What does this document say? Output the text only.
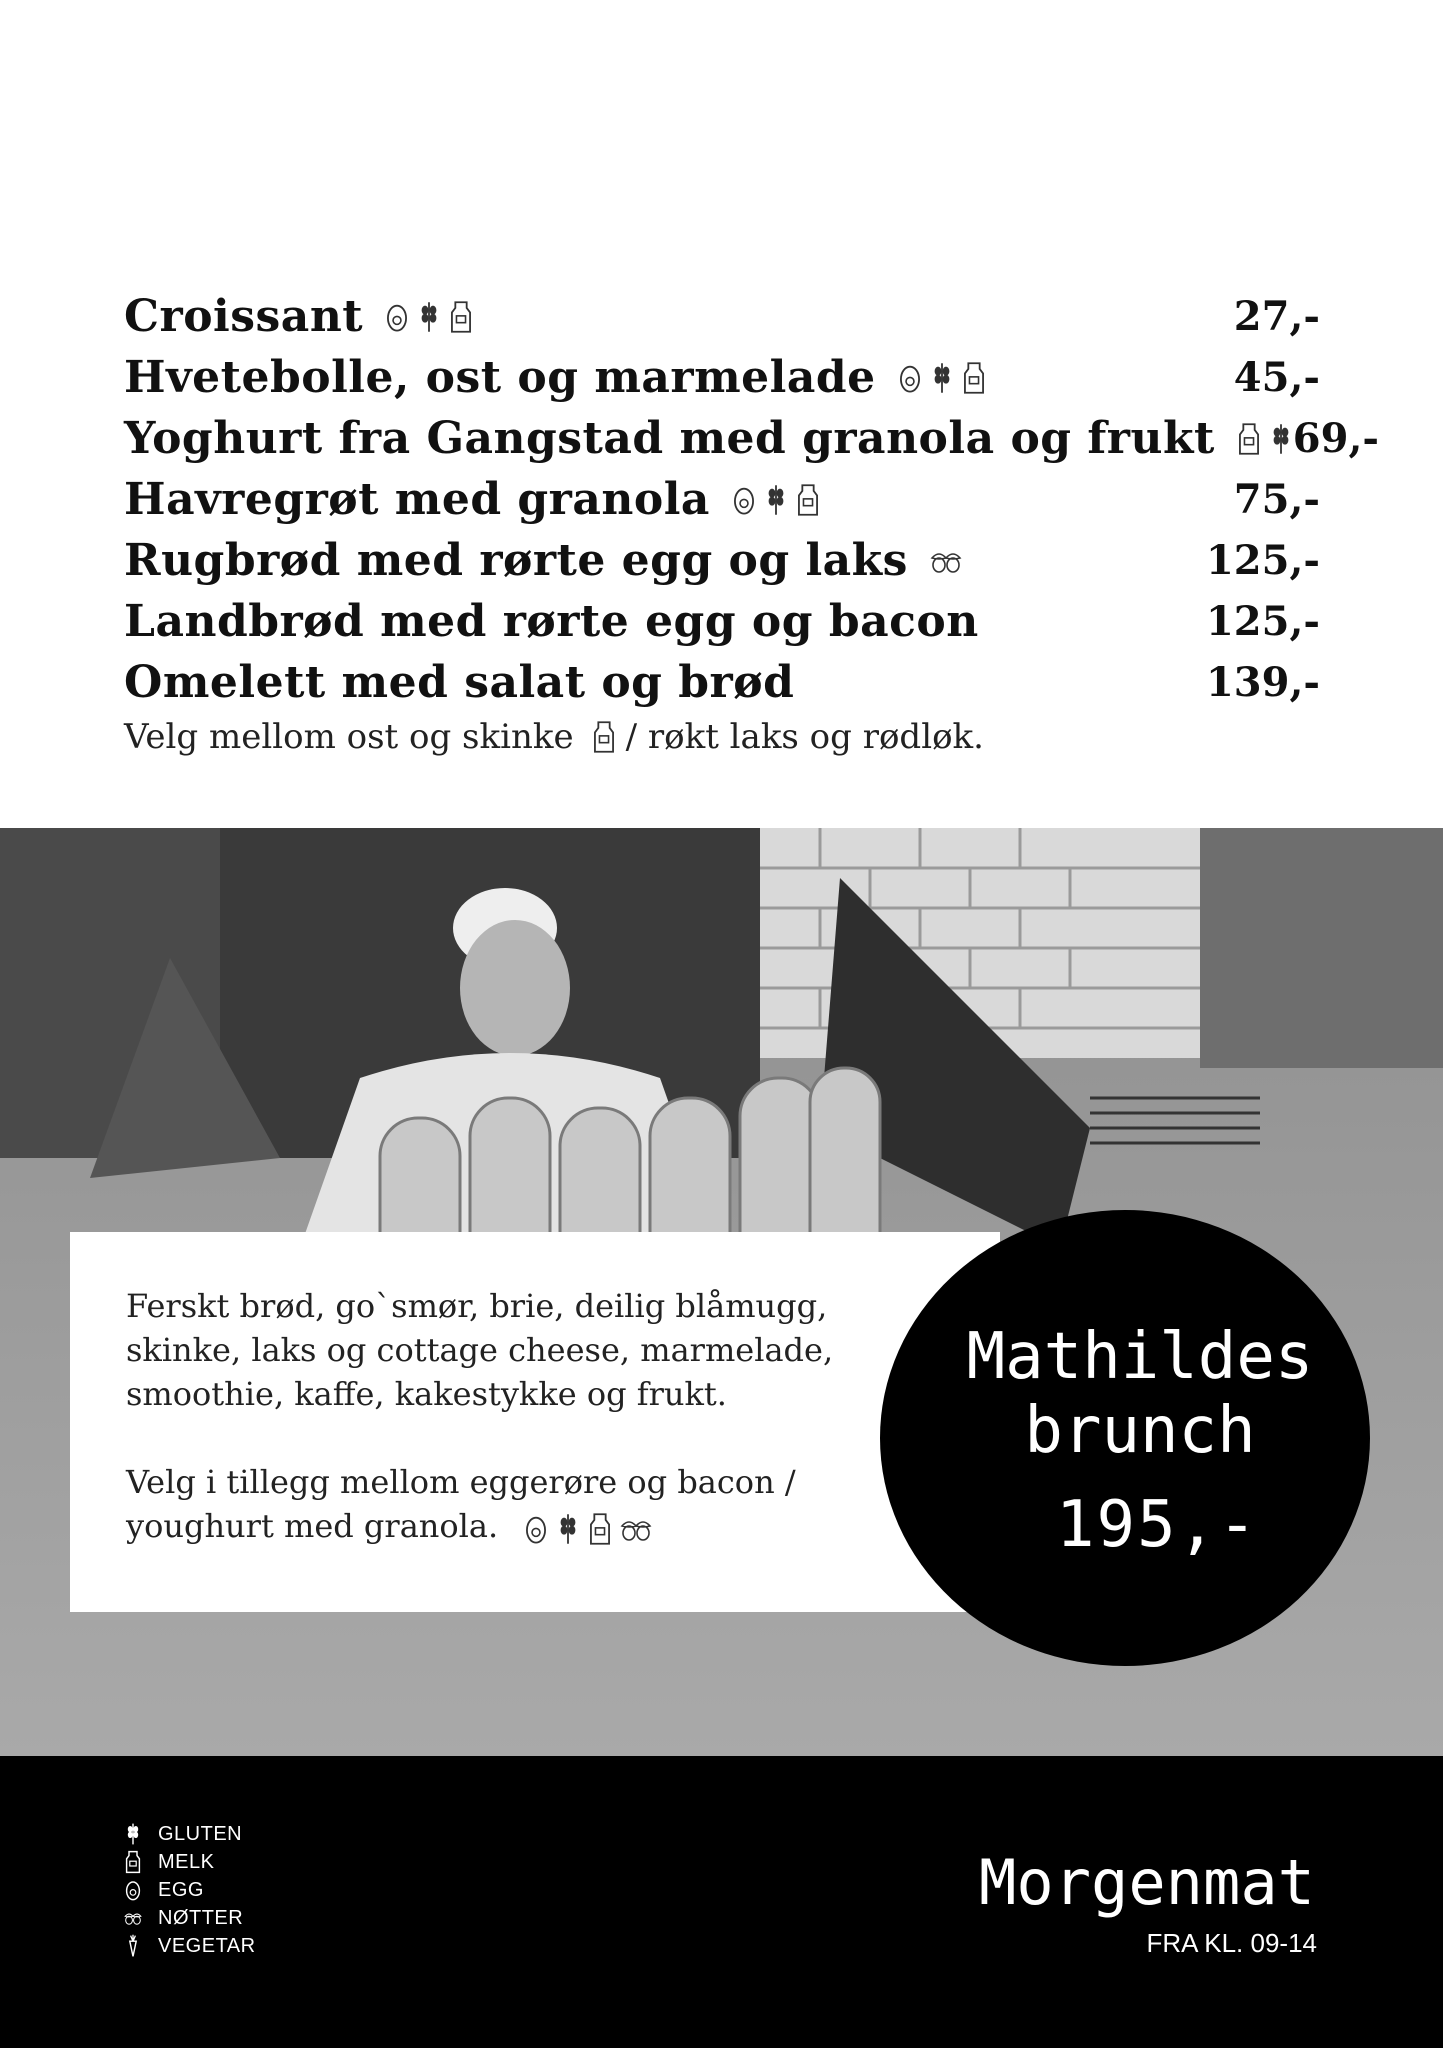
Croissant	27,-
Hvetebolle, ost og marmelade	45,-
Yoghurt fra Gangstad med granola og frukt 69,-
Havregrøt med granola	75,-
Rugbrød med rørte egg og laks	125,-
Landbrød med rørte egg og bacon	125,-
Omelett med salat og brød	139,-
Velg mellom ost og skinke / røkt laks og rødløk.

Ferskt brød, go`smør, brie, deilig blåmugg, skinke, laks og cottage cheese, marmelade, smoothie, kaffe, kakestykke og frukt.

Velg i tillegg mellom eggerøre og bacon / youghurt med granola.

Mathildes brunch
195,-
GLUTEN
MELK
EGG
NØTTER
VEGETAR
Morgenmat
FRA KL. 09-14
